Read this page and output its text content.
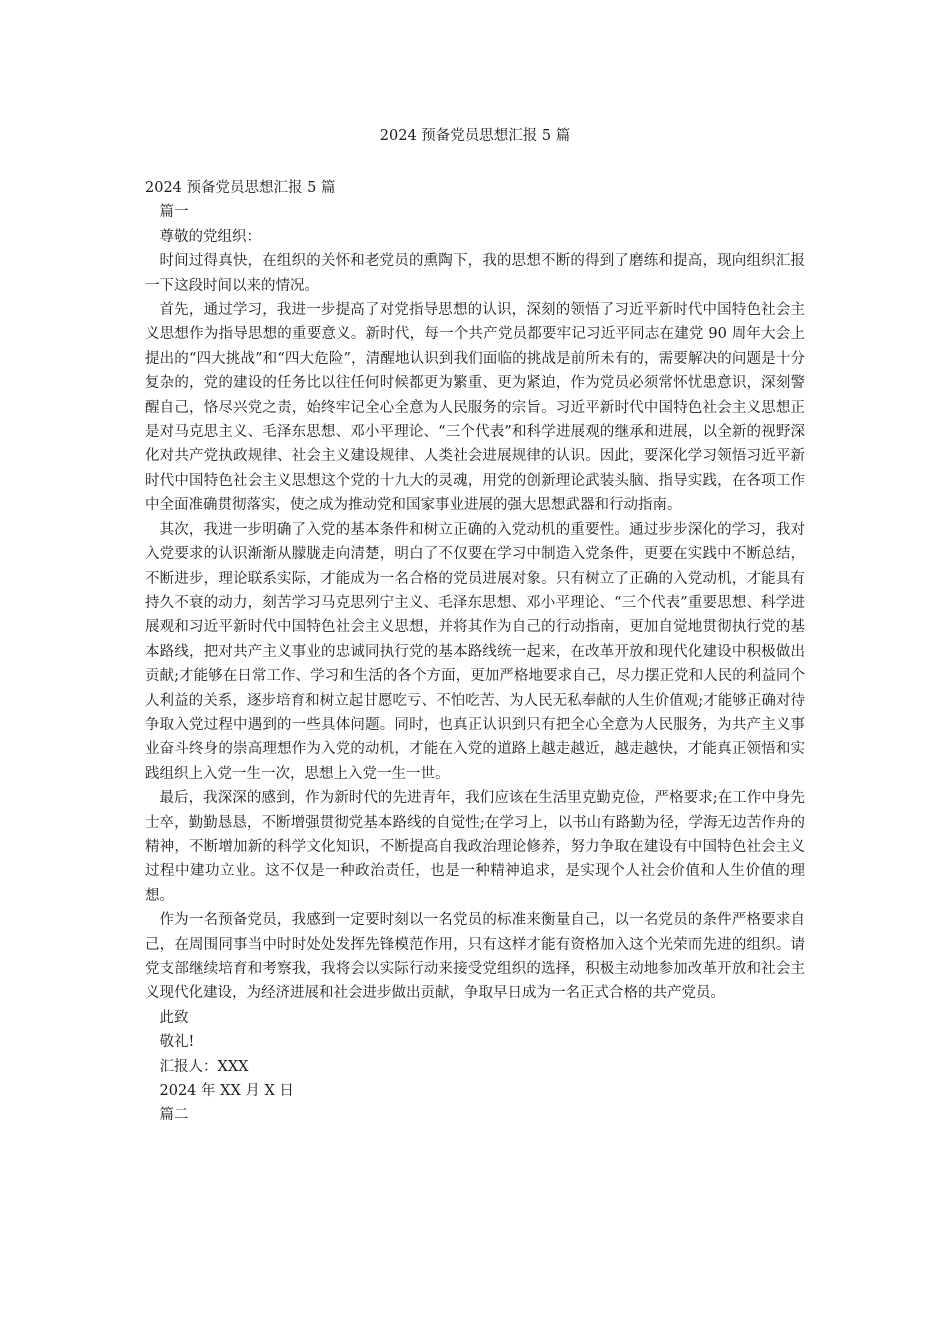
2024 预备党员思想汇报 5 篇

2024 预备党员思想汇报 5 篇

篇一

尊敬的党组织：

时间过得真快，在组织的关怀和老党员的熏陶下，我的思想不断的得到了磨练和提高，现向组织汇报一下这段时间以来的情况。

首先，通过学习，我进一步提高了对党指导思想的认识，深刻的领悟了习近平新时代中国特色社会主义思想作为指导思想的重要意义。新时代，每一个共产党员都要牢记习近平同志在建党 90 周年大会上提出的“四大挑战”和“四大危险”，清醒地认识到我们面临的挑战是前所未有的，需要解决的问题是十分复杂的，党的建设的任务比以往任何时候都更为繁重、更为紧迫，作为党员必须常怀忧患意识，深刻警醒自己，恪尽兴党之责，始终牢记全心全意为人民服务的宗旨。习近平新时代中国特色社会主义思想正是对马克思主义、毛泽东思想、邓小平理论、“三个代表”和科学进展观的继承和进展，以全新的视野深化对共产党执政规律、社会主义建设规律、人类社会进展规律的认识。因此，要深化学习领悟习近平新时代中国特色社会主义思想这个党的十九大的灵魂，用党的创新理论武装头脑、指导实践，在各项工作中全面准确贯彻落实，使之成为推动党和国家事业进展的强大思想武器和行动指南。

其次，我进一步明确了入党的基本条件和树立正确的入党动机的重要性。通过步步深化的学习，我对入党要求的认识渐渐从朦胧走向清楚，明白了不仅要在学习中制造入党条件，更要在实践中不断总结，不断进步，理论联系实际，才能成为一名合格的党员进展对象。只有树立了正确的入党动机，才能具有持久不衰的动力，刻苦学习马克思列宁主义、毛泽东思想、邓小平理论、“三个代表”重要思想、科学进展观和习近平新时代中国特色社会主义思想，并将其作为自己的行动指南，更加自觉地贯彻执行党的基本路线，把对共产主义事业的忠诚同执行党的基本路线统一起来，在改革开放和现代化建设中积极做出贡献;才能够在日常工作、学习和生活的各个方面，更加严格地要求自己，尽力摆正党和人民的利益同个人利益的关系，逐步培育和树立起甘愿吃亏、不怕吃苦、为人民无私奉献的人生价值观;才能够正确对待争取入党过程中遇到的一些具体问题。同时，也真正认识到只有把全心全意为人民服务，为共产主义事业奋斗终身的崇高理想作为入党的动机，才能在入党的道路上越走越近，越走越快，才能真正领悟和实践组织上入党一生一次，思想上入党一生一世。

最后，我深深的感到，作为新时代的先进青年，我们应该在生活里克勤克俭，严格要求;在工作中身先士卒，勤勤恳恳，不断增强贯彻党基本路线的自觉性;在学习上，以书山有路勤为径，学海无边苦作舟的精神，不断增加新的科学文化知识，不断提高自我政治理论修养，努力争取在建设有中国特色社会主义过程中建功立业。这不仅是一种政治责任，也是一种精神追求，是实现个人社会价值和人生价值的理想。

作为一名预备党员，我感到一定要时刻以一名党员的标准来衡量自己，以一名党员的条件严格要求自己，在周围同事当中时时处处发挥先锋模范作用，只有这样才能有资格加入这个光荣而先进的组织。请党支部继续培育和考察我，我将会以实际行动来接受党组织的选择，积极主动地参加改革开放和社会主义现代化建设，为经济进展和社会进步做出贡献，争取早日成为一名正式合格的共产党员。

此致

敬礼!

汇报人：XXX

2024 年 XX 月 X 日

篇二
